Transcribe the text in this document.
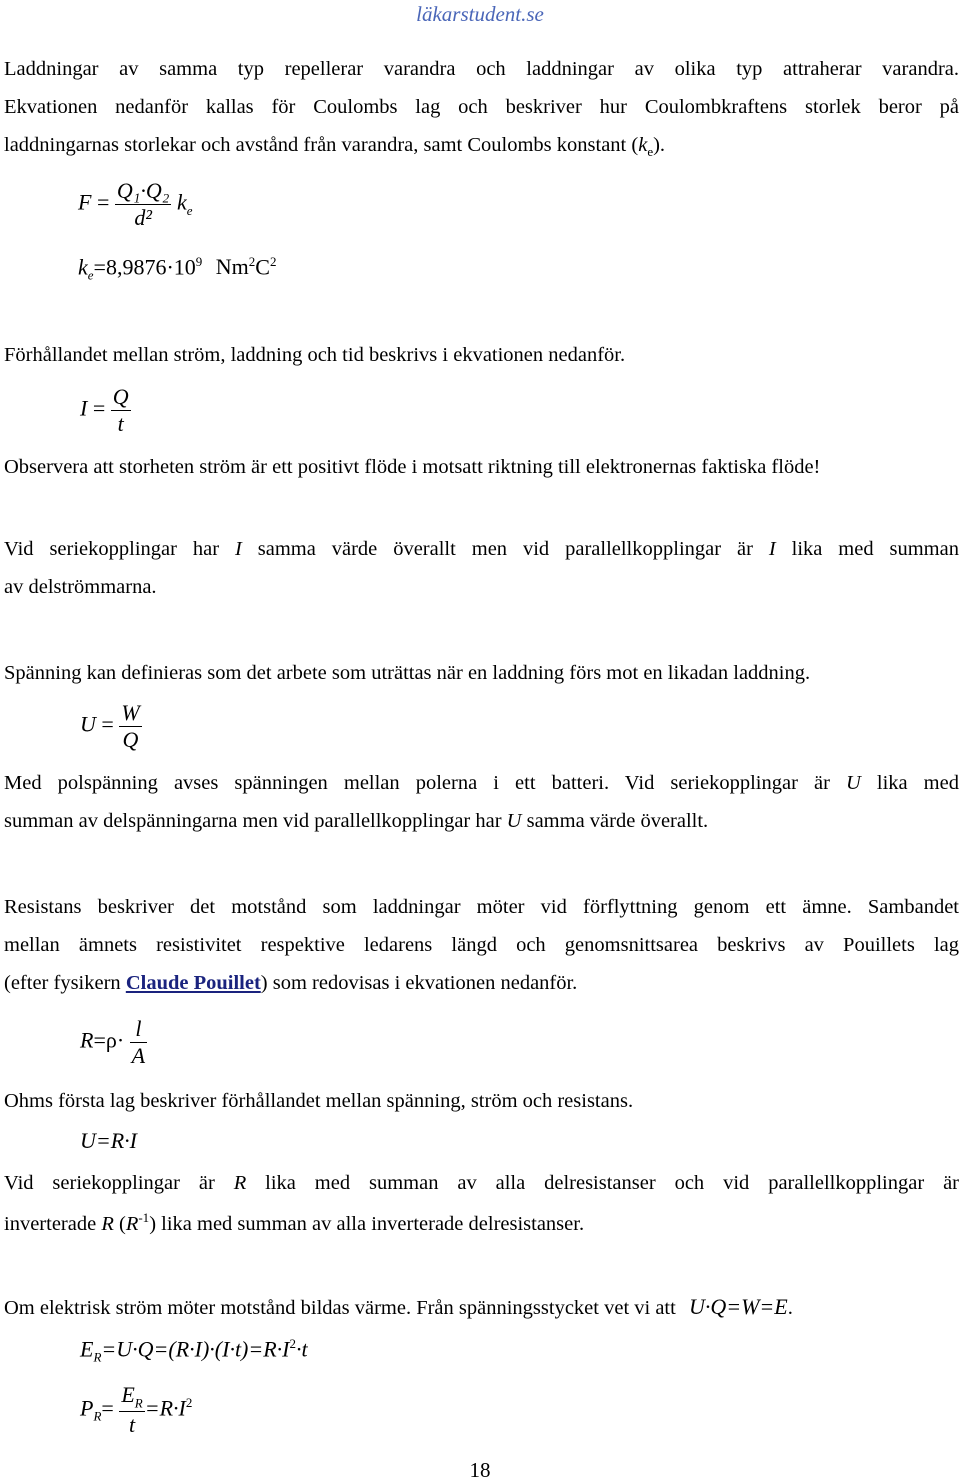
läkarstudent.se
Laddningar av samma typ repellerar varandra och laddningar av olika typ attraherar varandra.
Ekvationen nedanför kallas för Coulombs lag och beskriver hur Coulombkraftens storlek beror på
laddningarnas storlekar och avstånd från varandra, samt Coulombs konstant $(k_e)$.
$F = \frac{\text{Q₁·Q₂}}{\text{d²}} k_e$
$k_e=8,9876\cdot 10^9$ $Nm^2C^2$
Förhållandet mellan ström, laddning och tid beskrivs i ekvationen nedanför.
$I = \frac{Q}{t}$
Observera att storheten ström är ett positivt flöde i motsatt riktning till elektronernas faktiska flöde!
Vid seriekopplingar har I samma värde överallt men vid parallellkopplingar är I lika med summan
av delströmmarna.
Spänning kan definieras som det arbete som uträttas när en laddning förs mot en likadan laddning.
$U = \frac{W}{Q}$
Med polspänning avses spänningen mellan polerna i ett batteri. Vid seriekopplingar är U lika med
summan av delspänningarna men vid parallellkopplingar har U samma värde överallt.
Resistans beskriver det motstånd som laddningar möter vid förflyttning genom ett ämne. Sambandet
mellan ämnets resistivitet respektive ledarens längd och genomsnittsarea beskrivs av Pouillets lag
(efter fysikern Claude Pouillet) som redovisas i ekvationen nedanför.
$R=\rho\cdot \frac{l}{A}$
Ohms första lag beskriver förhållandet mellan spänning, ström och resistans.
U=R·I
Vid seriekopplingar är R lika med summan av alla delresistanser och vid parallellkopplingar är
inverterade R $(R^{-1})$ lika med summan av alla inverterade delresistanser.
Om elektrisk ström möter motstånd bildas värme. Från spänningsstycket vet vi att U·Q=W=E.
$E_R=U\cdot Q=(R\cdot I)\cdot(I\cdot t)=R\cdot I^2\cdot t$
$P_R= \frac{E_R}{t} =R\cdot I^2$
18
